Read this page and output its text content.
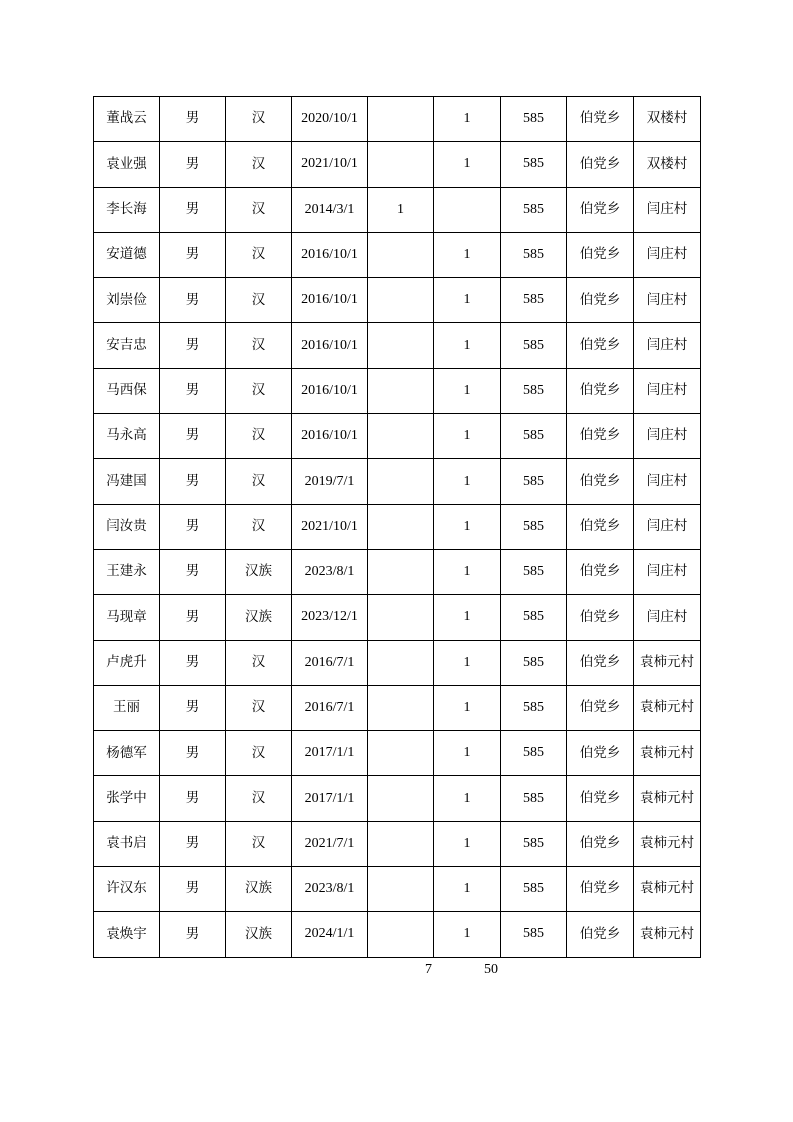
董战云	男	汉	2020/10/1		1	585	伯党乡	双楼村
袁业强	男	汉	2021/10/1		1	585	伯党乡	双楼村
李长海	男	汉	2014/3/1	1		585	伯党乡	闫庄村
安道德	男	汉	2016/10/1		1	585	伯党乡	闫庄村
刘崇俭	男	汉	2016/10/1		1	585	伯党乡	闫庄村
安吉忠	男	汉	2016/10/1		1	585	伯党乡	闫庄村
马西保	男	汉	2016/10/1		1	585	伯党乡	闫庄村
马永高	男	汉	2016/10/1		1	585	伯党乡	闫庄村
冯建国	男	汉	2019/7/1		1	585	伯党乡	闫庄村
闫汝贵	男	汉	2021/10/1		1	585	伯党乡	闫庄村
王建永	男	汉族	2023/8/1		1	585	伯党乡	闫庄村
马现章	男	汉族	2023/12/1		1	585	伯党乡	闫庄村
卢虎升	男	汉	2016/7/1		1	585	伯党乡	袁柿元村
王丽	男	汉	2016/7/1		1	585	伯党乡	袁柿元村
杨德军	男	汉	2017/1/1		1	585	伯党乡	袁柿元村
张学中	男	汉	2017/1/1		1	585	伯党乡	袁柿元村
袁书启	男	汉	2021/7/1		1	585	伯党乡	袁柿元村
许汉东	男	汉族	2023/8/1		1	585	伯党乡	袁柿元村
袁焕宇	男	汉族	2024/1/1		1	585	伯党乡	袁柿元村
7	50
